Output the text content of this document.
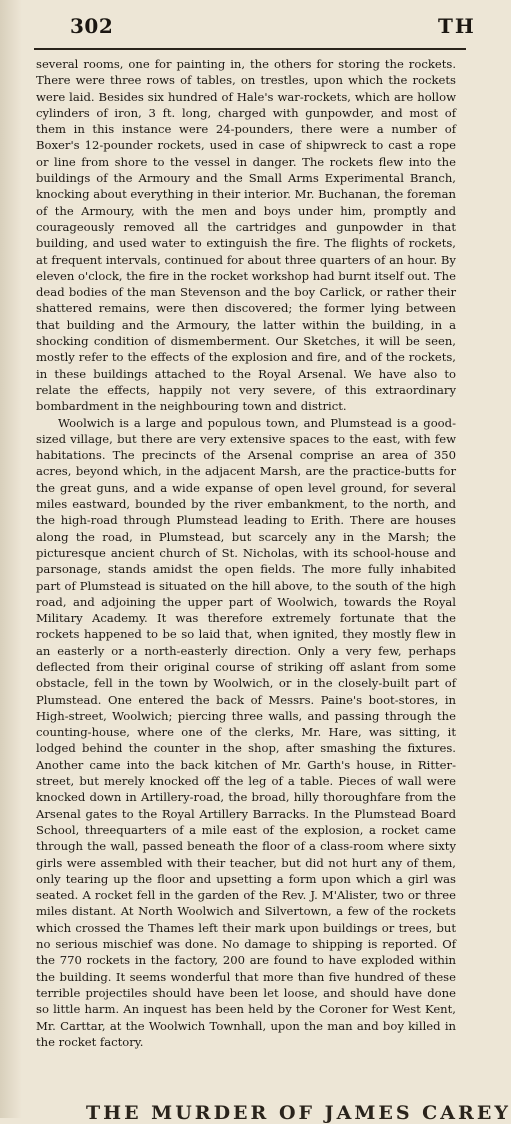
302	TH

several rooms, one for painting in, the others for storing the rockets. There were three rows of tables, on trestles, upon which the rockets were laid. Besides six hundred of Hale's war-rockets, which are hollow cylinders of iron, 3 ft. long, charged with gunpowder, and most of them in this instance were 24-pounders, there were a number of Boxer's 12-pounder rockets, used in case of shipwreck to cast a rope or line from shore to the vessel in danger. The rockets flew into the buildings of the Armoury and the Small Arms Experimental Branch, knocking about everything in their interior. Mr. Buchanan, the foreman of the Armoury, with the men and boys under him, promptly and courageously removed all the cartridges and gunpowder in that building, and used water to extinguish the fire. The flights of rockets, at frequent intervals, continued for about three quarters of an hour. By eleven o'clock, the fire in the rocket workshop had burnt itself out. The dead bodies of the man Stevenson and the boy Carlick, or rather their shattered remains, were then discovered; the former lying between that building and the Armoury, the latter within the building, in a shocking condition of dismemberment. Our Sketches, it will be seen, mostly refer to the effects of the explosion and fire, and of the rockets, in these buildings attached to the Royal Arsenal. We have also to relate the effects, happily not very severe, of this extraordinary bombardment in the neighbouring town and district.

Woolwich is a large and populous town, and Plumstead is a good-sized village, but there are very extensive spaces to the east, with few habitations. The precincts of the Arsenal comprise an area of 350 acres, beyond which, in the adjacent Marsh, are the practice-butts for the great guns, and a wide expanse of open level ground, for several miles eastward, bounded by the river embankment, to the north, and the high-road through Plumstead leading to Erith. There are houses along the road, in Plumstead, but scarcely any in the Marsh; the picturesque ancient church of St. Nicholas, with its school-house and parsonage, stands amidst the open fields. The more fully inhabited part of Plumstead is situated on the hill above, to the south of the high road, and adjoining the upper part of Woolwich, towards the Royal Military Academy. It was therefore extremely fortunate that the rockets happened to be so laid that, when ignited, they mostly flew in an easterly or a north-easterly direction. Only a very few, perhaps deflected from their original course of striking off aslant from some obstacle, fell in the town by Woolwich, or in the closely-built part of Plumstead. One entered the back of Messrs. Paine's boot-stores, in High-street, Woolwich; piercing three walls, and passing through the counting-house, where one of the clerks, Mr. Hare, was sitting, it lodged behind the counter in the shop, after smashing the fixtures. Another came into the back kitchen of Mr. Garth's house, in Ritter-street, but merely knocked off the leg of a table. Pieces of wall were knocked down in Artillery-road, the broad, hilly thoroughfare from the Arsenal gates to the Royal Artillery Barracks. In the Plumstead Board School, threequarters of a mile east of the explosion, a rocket came through the wall, passed beneath the floor of a class-room where sixty girls were assembled with their teacher, but did not hurt any of them, only tearing up the floor and upsetting a form upon which a girl was seated. A rocket fell in the garden of the Rev. J. M'Alister, two or three miles distant. At North Woolwich and Silvertown, a few of the rockets which crossed the Thames left their mark upon buildings or trees, but no serious mischief was done. No damage to shipping is reported. Of the 770 rockets in the factory, 200 are found to have exploded within the building. It seems wonderful that more than five hundred of these terrible projectiles should have been let loose, and should have done so little harm. An inquest has been held by the Coroner for West Kent, Mr. Carttar, at the Woolwich Townhall, upon the man and boy killed in the rocket factory.

THE MURDER OF JAMES CAREY
